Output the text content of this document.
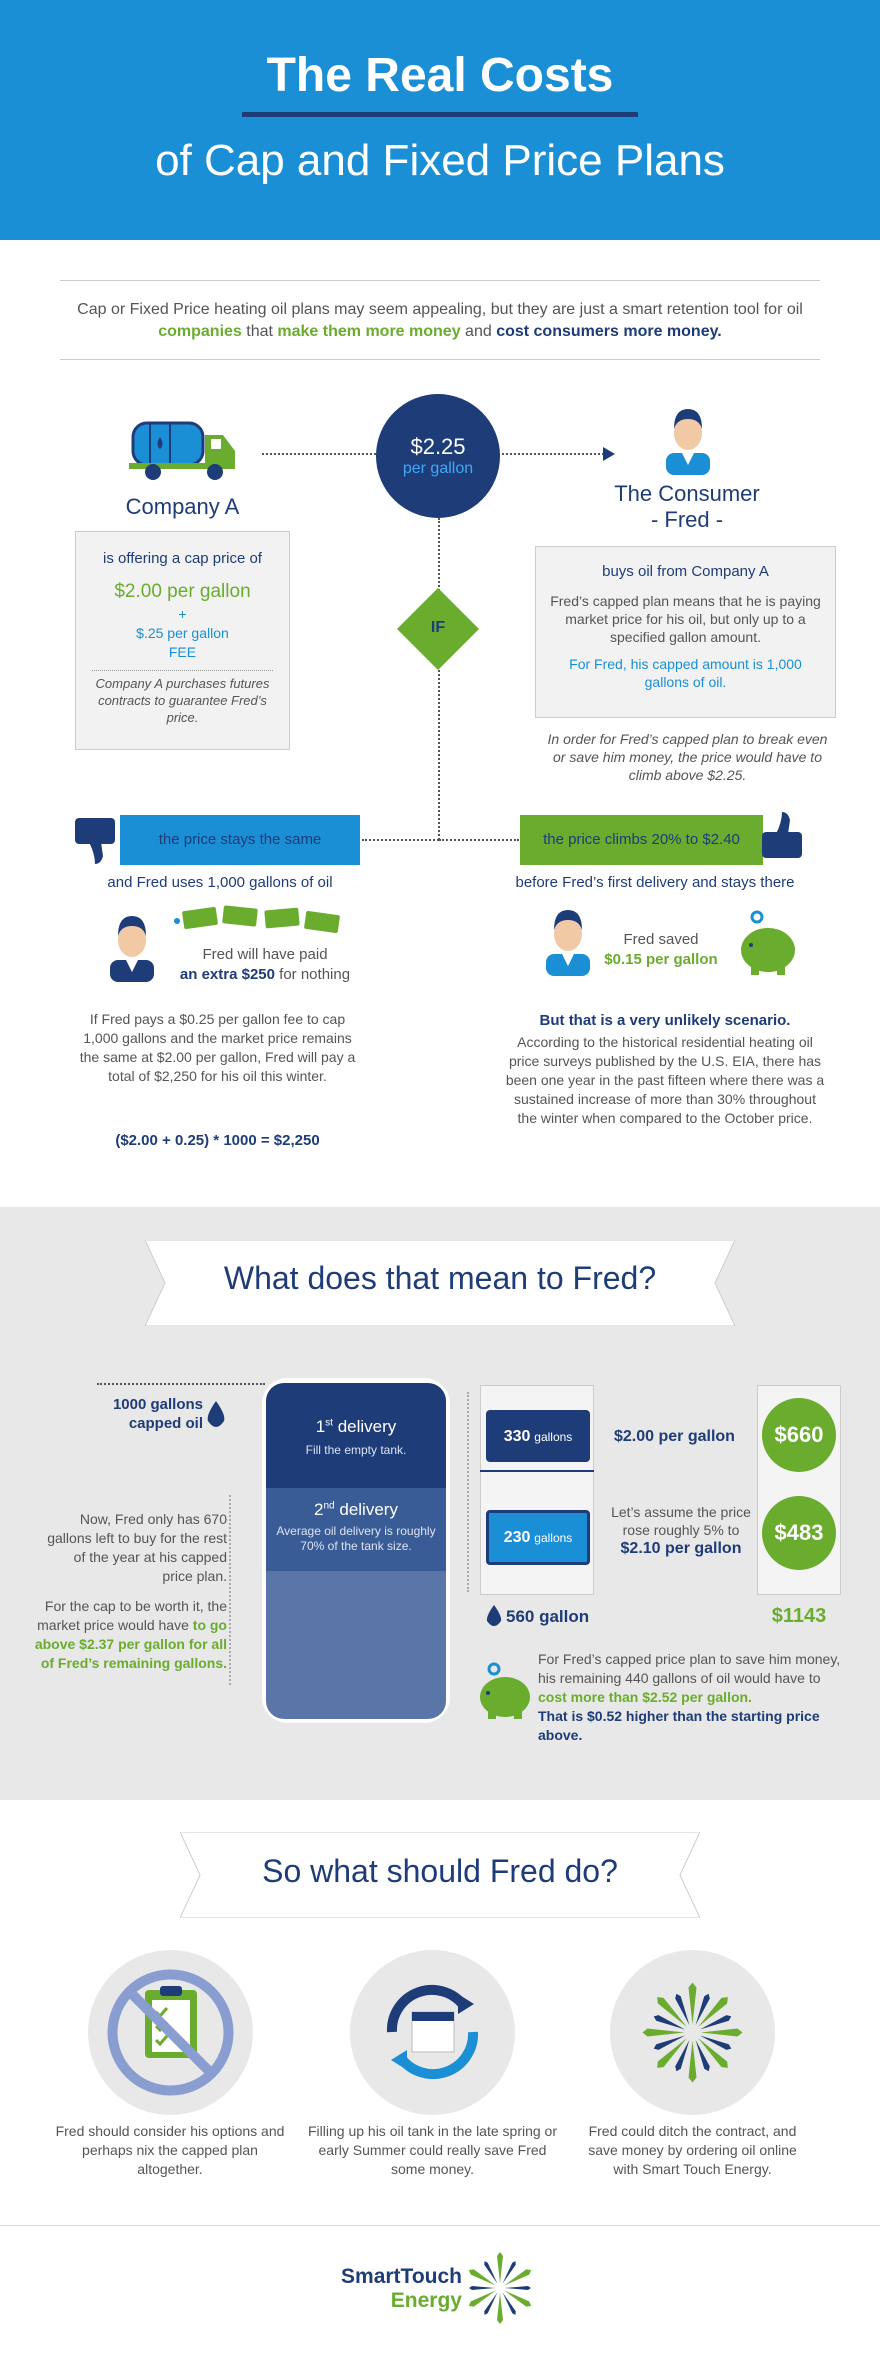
The Real Costs
of Cap and Fixed Price Plans
Cap or Fixed Price heating oil plans may seem appealing, but they are just a smart retention tool for oil companies that make them more money and cost consumers more money.
Company A
is offering a cap price of
$2.00 per gallon
+
$.25 per gallon
FEE
Company A purchases futures contracts to guarantee Fred’s price.
$2.25
per gallon
The Consumer
- Fred -
buys oil from Company A
Fred’s capped plan means that he is paying market price for his oil, but only up to a specified gallon amount.
For Fred, his capped amount is 1,000 gallons of oil.
In order for Fred’s capped plan to break even or save him money, the price would have to climb above $2.25.
IF
the price stays the same
and Fred uses 1,000 gallons of oil
Fred will have paid
an extra $250 for nothing
If Fred pays a $0.25 per gallon fee to cap 1,000 gallons and the market price remains the same at $2.00 per gallon, Fred will pay a total of $2,250 for his oil this winter.
($2.00 + 0.25) * 1000 = $2,250
the price climbs 20% to $2.40
before Fred’s first delivery and stays there
Fred saved
$0.15 per gallon
But that is a very unlikely scenario.
According to the historical residential heating oil price surveys published by the U.S. EIA, there has been one year in the past fifteen where there was a sustained increase of more than 30% throughout the winter when compared to the October price.
What does that mean to Fred?
1000 gallons
capped oil	1st delivery
Fill the empty tank.
2nd delivery
Average oil delivery is roughly 70% of the tank size.
Now, Fred only has 670 gallons left to buy for the rest of the year at his capped price plan.
For the cap to be worth it, the market price would have to go above $2.37 per gallon for all of Fred’s remaining gallons.
330 gallons
230 gallons
$2.00 per gallon
Let’s assume the price rose roughly 5% to
$2.10 per gallon
$660
$483
$1143
560 gallon
For Fred’s capped price plan to save him money, his remaining 440 gallons of oil would have to
cost more than $2.52 per gallon.
That is $0.52 higher than the starting price above.
So what should Fred do?
Fred should consider his options and perhaps nix the capped plan altogether.
Filling up his oil tank in the late spring or early Summer could really save Fred some money.
Fred could ditch the contract, and save money by ordering oil online with Smart Touch Energy.
SmartTouch
Energy
